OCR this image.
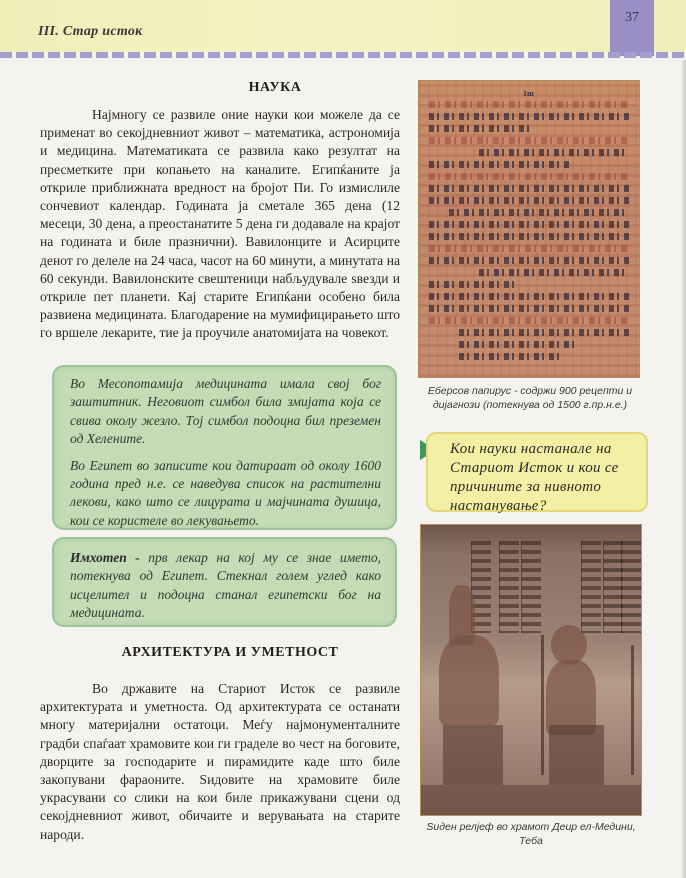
III. Стар исток
37
НАУКА
Најмногу се развиле оние науки кои можеле да се применат во секојдневниот живот – математика, астрономија и медицина. Математиката се развила како резултат на пресметките при копањето на каналите. Египќаните ја откриле приближната вредност на бројот Пи. Го измислиле сончевиот календар. Годината ја сметале 365 дена (12 месеци, 30 дена, а преостанатите 5 дена ги додавале на крајот на годината и биле празнични). Вавилонците и Асирците денот го делеле на 24 часа, часот на 60 минути, а минутата на 60 секунди. Вавилонските свештеници набљудувале ѕвезди и откриле пет планети. Кај старите Египќани особено била развиена медицината. Благодарение на мумифицирањето што го вршеле лекарите, тие ја проучиле анатомијата на човекот.

Во Месопотамија медицината имала свој бог заштитник. Неговиот симбол била змијата која се свива околу жезло. Тој симбол подоцна бил преземен од Хелените.

Во Египет во записите кои датираат од околу 1600 година пред н.е. се наведува список на растителни лекови, како што се лицурата и мајчината душица, кои се користеле во лекувањето.

Имхотеп - прв лекар на кој му се знае името, потекнува од Египет. Стекнал голем углед како исцелител и подоцна станал египетски бог на медицината.

АРХИТЕКТУРА И УМЕТНОСТ
Во државите на Стариот Исток се развиле архитектурата и уметноста. Од архитектурата се останати многу материјални остатоци. Меѓу најмонументалните градби спаѓаат храмовите кои ги граделе во чест на боговите, дворците за господарите и пирамидите каде што биле закопувани фараоните. Ѕидовите на храмовите биле украсувани со слики на кои биле прикажувани сцени од секојдневниот живот, обичаите и верувањата на старите народи.
1ш
Еберсов папирус - содржи 900 рецепти и дијагнози (потекнува од 1500 г.пр.н.е.)
Кои науки настанале на Стариот Исток и кои се причините за нивното настанување?
Ѕиден релјеф во храмот Деир ел-Медини, Теба
